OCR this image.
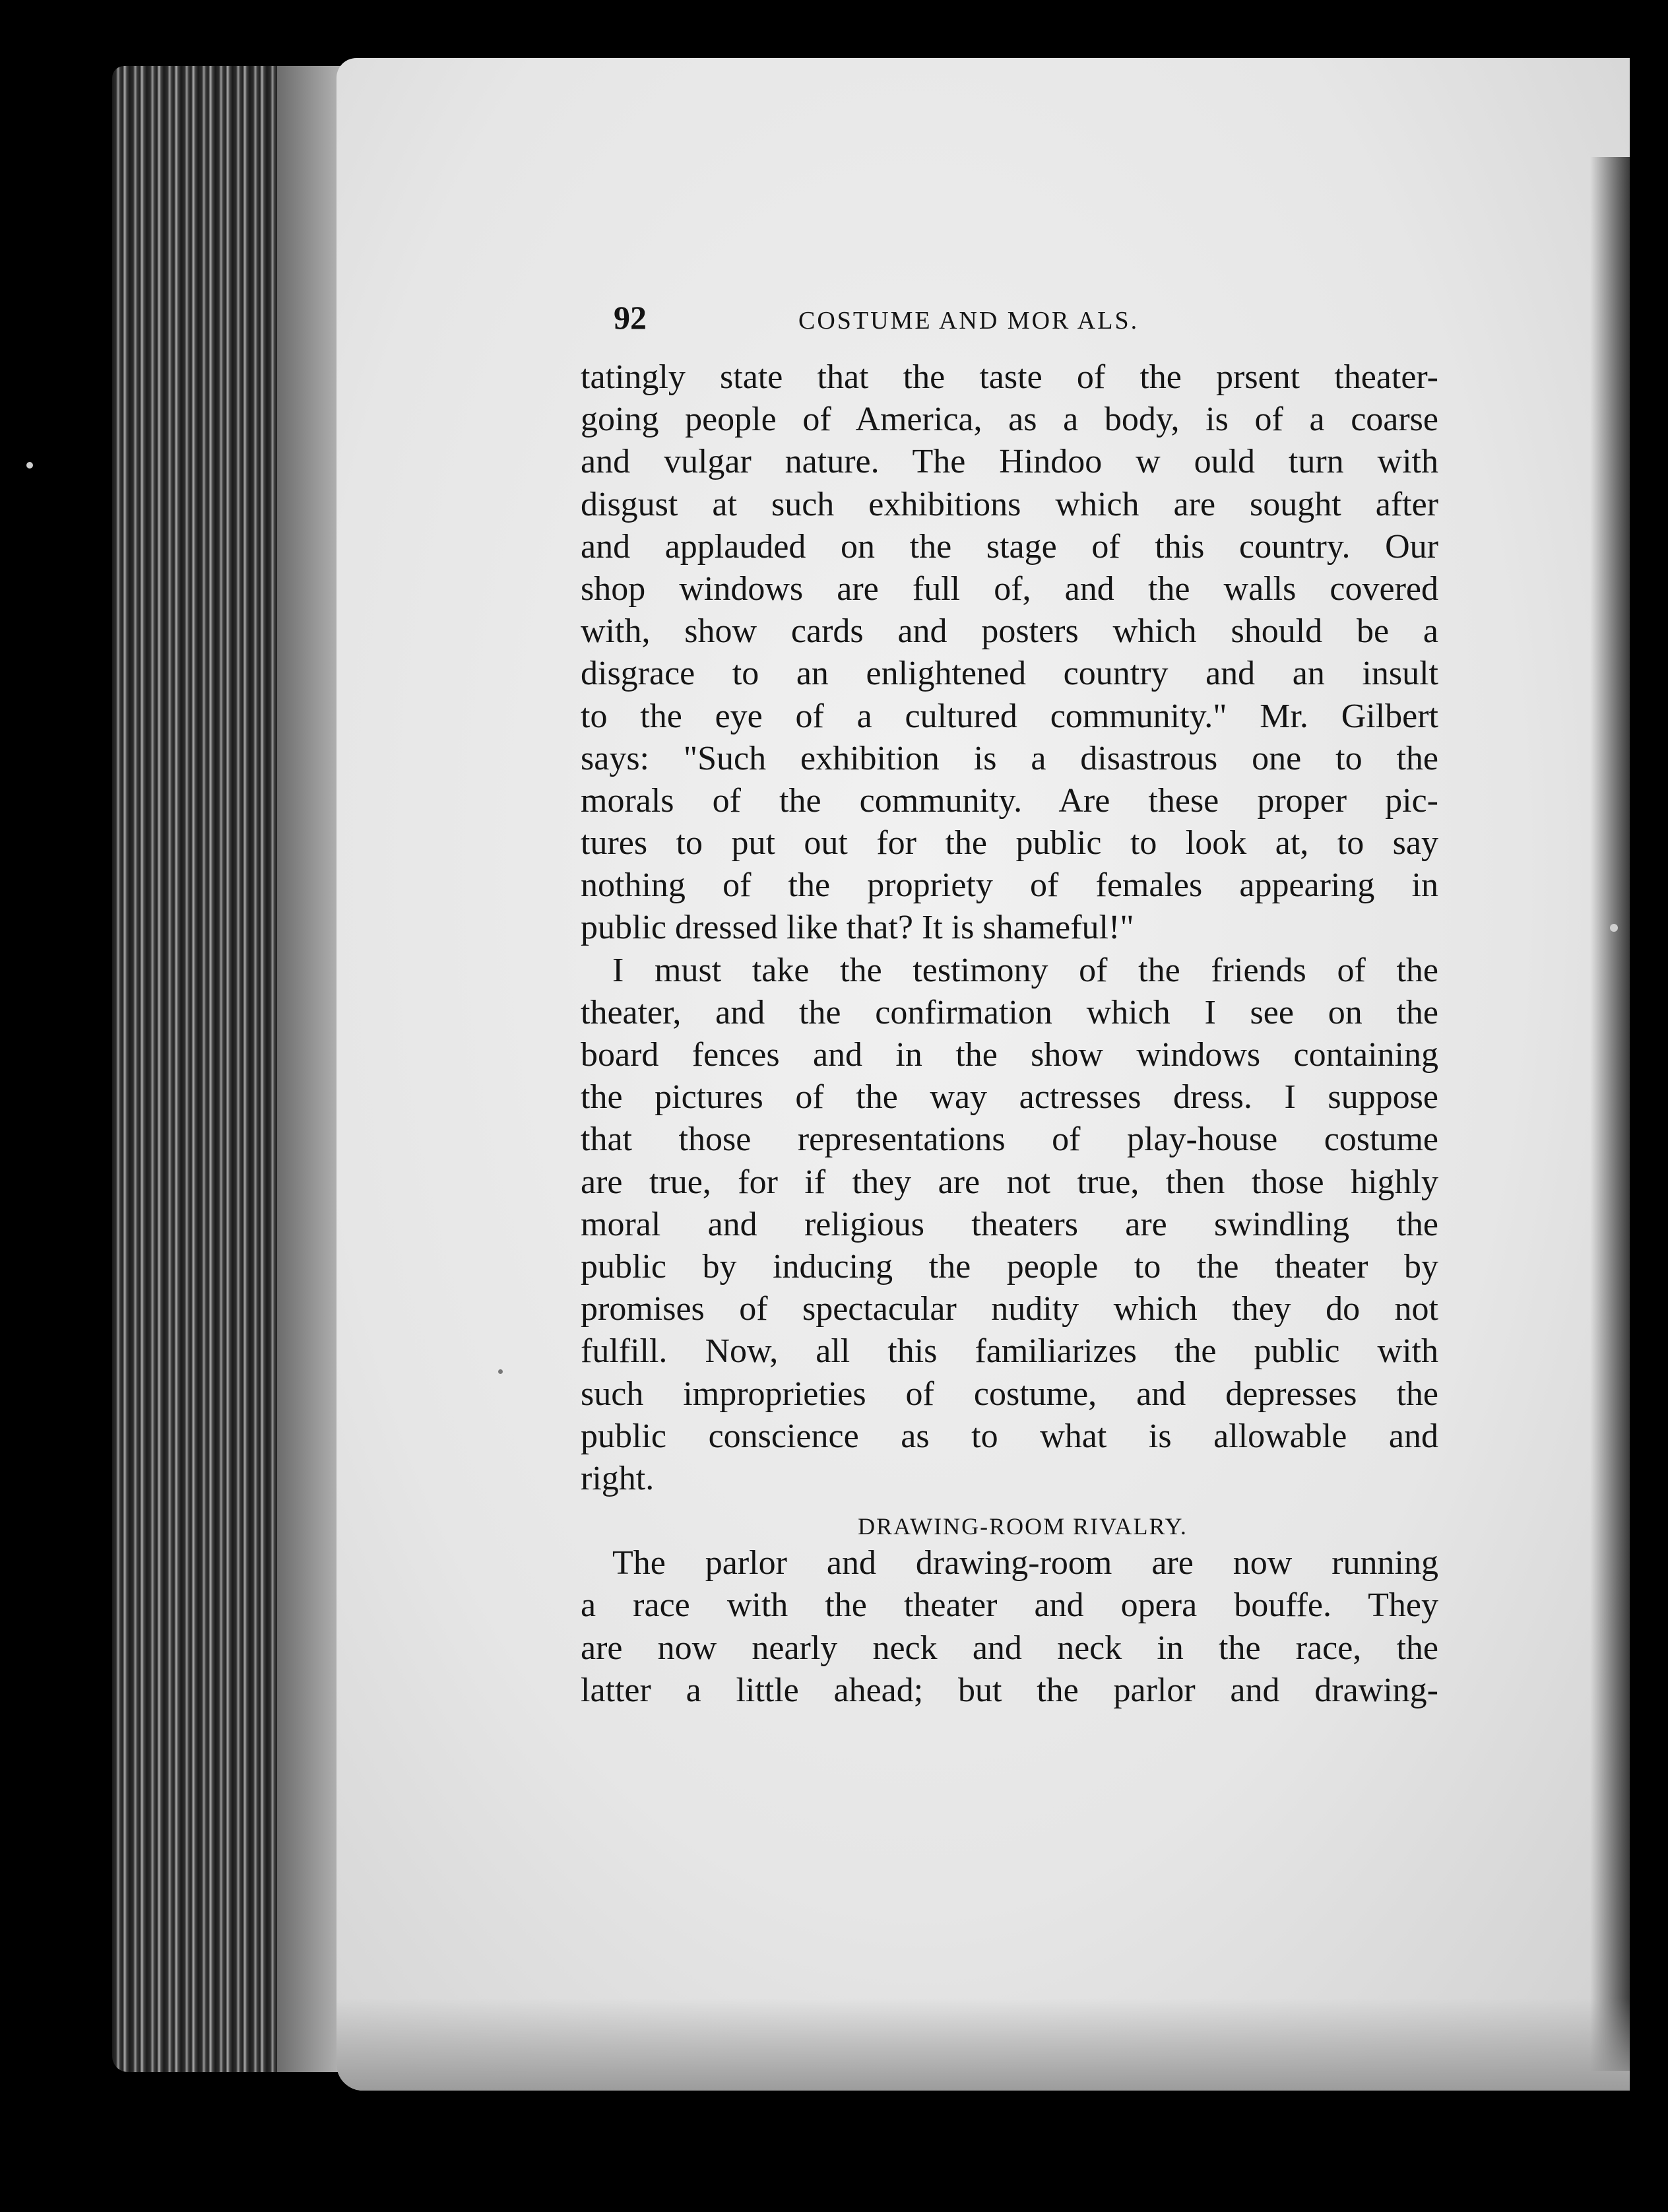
92	COSTUME AND MOR ALS.
tatingly state that the taste of the prsent theater-
going people of America, as a body, is of a coarse
and vulgar nature. The Hindoo w ould turn with
disgust at such exhibitions which are sought after
and applauded on the stage of this country. Our
shop windows are full of, and the walls covered
with, show cards and posters which should be a
disgrace to an enlightened country and an insult
to the eye of a cultured community." Mr. Gilbert
says: "Such exhibition is a disastrous one to the
morals of the community. Are these proper pic-
tures to put out for the public to look at, to say
nothing of the propriety of females appearing in
public dressed like that? It is shameful!"
I must take the testimony of the friends of the
theater, and the confirmation which I see on the
board fences and in the show windows containing
the pictures of the way actresses dress. I suppose
that those representations of play-house costume
are true, for if they are not true, then those highly
moral and religious theaters are swindling the
public by inducing the people to the theater by
promises of spectacular nudity which they do not
fulfill. Now, all this familiarizes the public with
such improprieties of costume, and depresses the
public conscience as to what is allowable and
right.
DRAWING-ROOM RIVALRY.
The parlor and drawing-room are now running
a race with the theater and opera bouffe. They
are now nearly neck and neck in the race, the
latter a little ahead; but the parlor and drawing-
